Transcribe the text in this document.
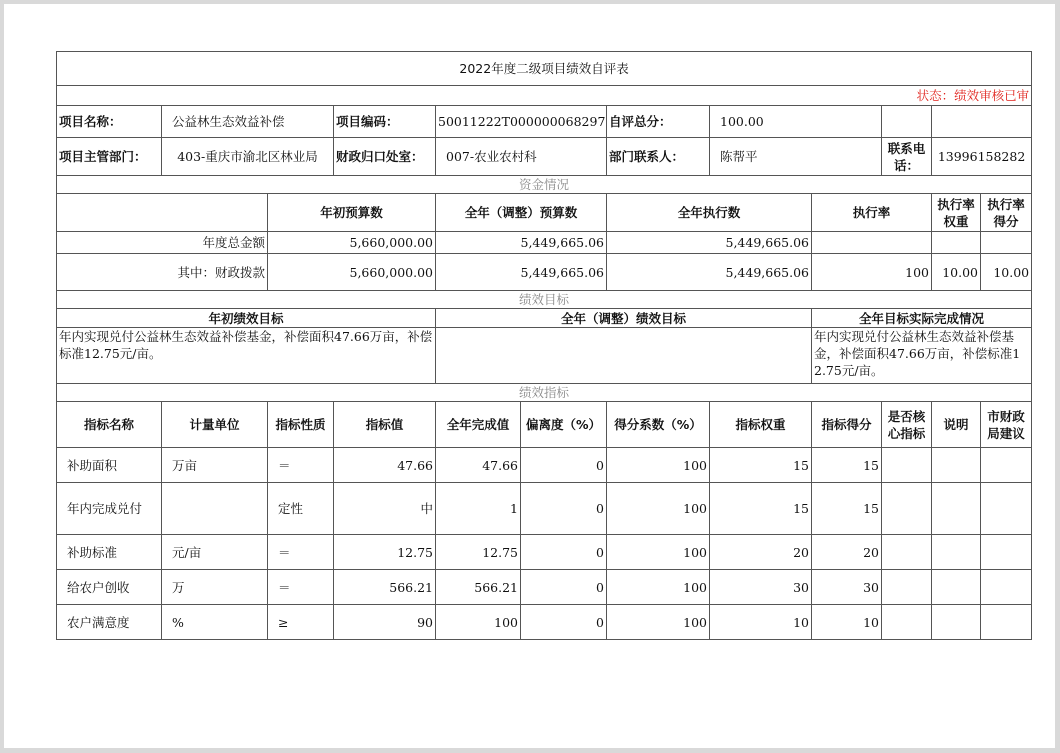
2022年度二级项目绩效自评表											
状态：绩效审核已审											
项目名称：	公益林生态效益补偿		项目编码：	50011222T000000068297		自评总分：	100.00				
项目主管部门：	403-重庆市渝北区林业局		财政归口处室：	007-农业农村科		部门联系人：	陈帮平		联系电话：	13996158282	
资金情况											
		年初预算数		全年（调整）预算数		全年执行数		执行率		执行率权重	执行率得分
年度总金额		5,660,000.00		5,449,665.06		5,449,665.06					
其中：财政拨款		5,660,000.00		5,449,665.06		5,449,665.06		100		10.00	10.00
绩效目标											
年初绩效目标				全年（调整）绩效目标				全年目标实际完成情况			
年内实现兑付公益林生态效益补偿基金，补偿面积47.66万亩，补偿标准12.75元/亩。								年内实现兑付公益林生态效益补偿基金，补偿面积47.66万亩，补偿标准12.75元/亩。			
绩效指标											
指标名称	计量单位	指标性质	指标值	全年完成值	偏离度（%）	得分系数（%）	指标权重	指标得分	是否核心指标	说明	市财政局建议
补助面积	万亩	＝	47.66	47.66	0	100	15	15			
年内完成兑付		定性	中	1	0	100	15	15			
补助标准	元/亩	＝	12.75	12.75	0	100	20	20			
给农户创收	万	＝	566.21	566.21	0	100	30	30			
农户满意度	%	≥	90	100	0	100	10	10			
